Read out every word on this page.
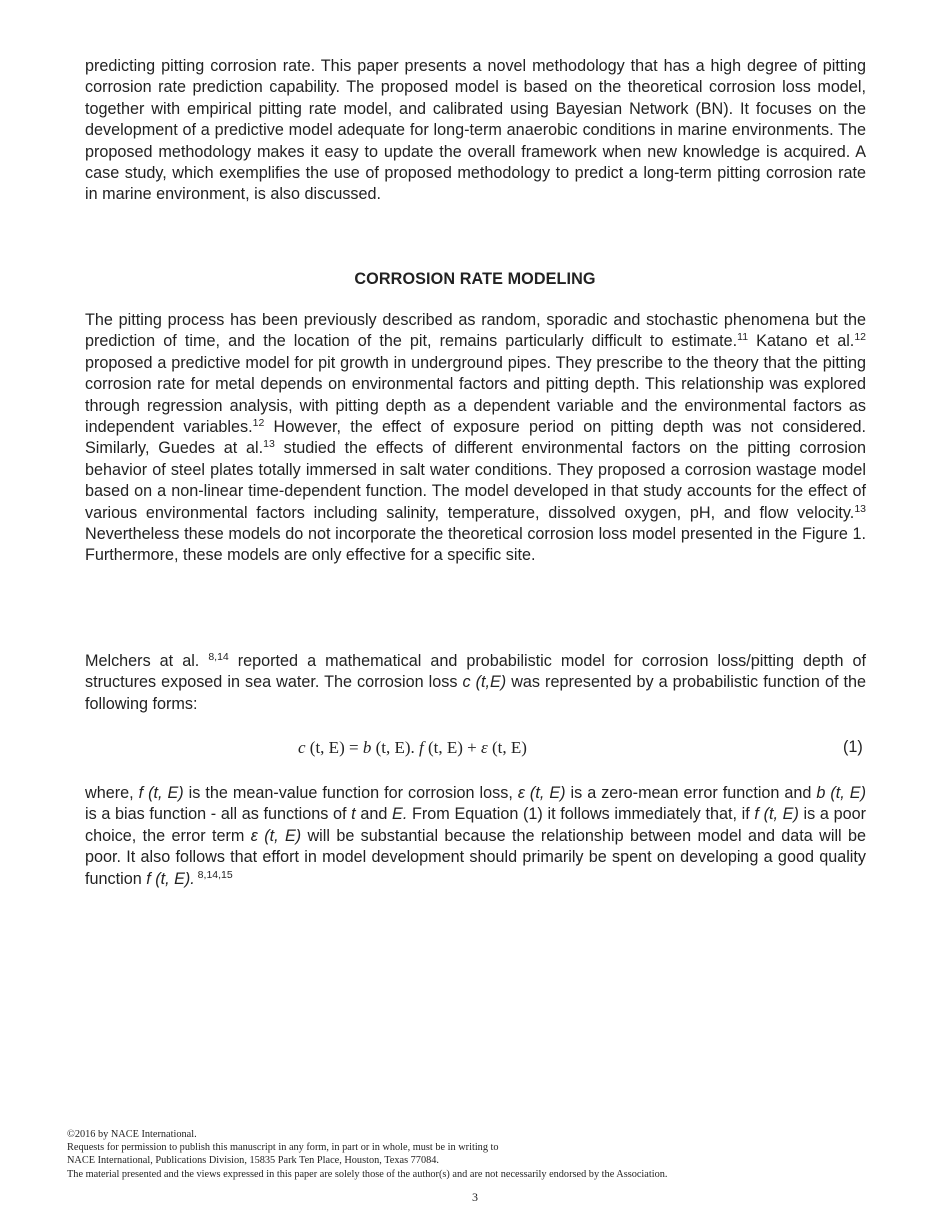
predicting pitting corrosion rate. This paper presents a novel methodology that has a high degree of pitting corrosion rate prediction capability. The proposed model is based on the theoretical corrosion loss model, together with empirical pitting rate model, and calibrated using Bayesian Network (BN). It focuses on the development of a predictive model adequate for long-term anaerobic conditions in marine environments. The proposed methodology makes it easy to update the overall framework when new knowledge is acquired. A case study, which exemplifies the use of proposed methodology to predict a long-term pitting corrosion rate in marine environment, is also discussed.

CORROSION RATE MODELING

The pitting process has been previously described as random, sporadic and stochastic phenomena but the prediction of time, and the location of the pit, remains particularly difficult to estimate.$^{11}$ Katano et al.$^{12}$ proposed a predictive model for pit growth in underground pipes. They prescribe to the theory that the pitting corrosion rate for metal depends on environmental factors and pitting depth. This relationship was explored through regression analysis, with pitting depth as a dependent variable and the environmental factors as independent variables.$^{12}$ However, the effect of exposure period on pitting depth was not considered. Similarly, Guedes at al.$^{13}$ studied the effects of different environmental factors on the pitting corrosion behavior of steel plates totally immersed in salt water conditions. They proposed a corrosion wastage model based on a non-linear time-dependent function. The model developed in that study accounts for the effect of various environmental factors including salinity, temperature, dissolved oxygen, pH, and flow velocity.$^{13}$ Nevertheless these models do not incorporate the theoretical corrosion loss model presented in the Figure 1. Furthermore, these models are only effective for a specific site.

Melchers at al. $^{8,14}$ reported a mathematical and probabilistic model for corrosion loss/pitting depth of structures exposed in sea water. The corrosion loss c (t,E) was represented by a probabilistic function of the following forms:

c (t, E) = b (t, E). f (t, E) + ε (t, E)	(1)

where, f (t, E) is the mean-value function for corrosion loss, ε (t, E) is a zero-mean error function and b (t, E) is a bias function - all as functions of t and E. From Equation (1) it follows immediately that, if f (t, E) is a poor choice, the error term ε (t, E) will be substantial because the relationship between model and data will be poor. It also follows that effort in model development should primarily be spent on developing a good quality function f (t, E). $^{8,14,15}$

©2016 by NACE International.
Requests for permission to publish this manuscript in any form, in part or in whole, must be in writing to
NACE International, Publications Division, 15835 Park Ten Place, Houston, Texas 77084.
The material presented and the views expressed in this paper are solely those of the author(s) and are not necessarily endorsed by the Association.
3
